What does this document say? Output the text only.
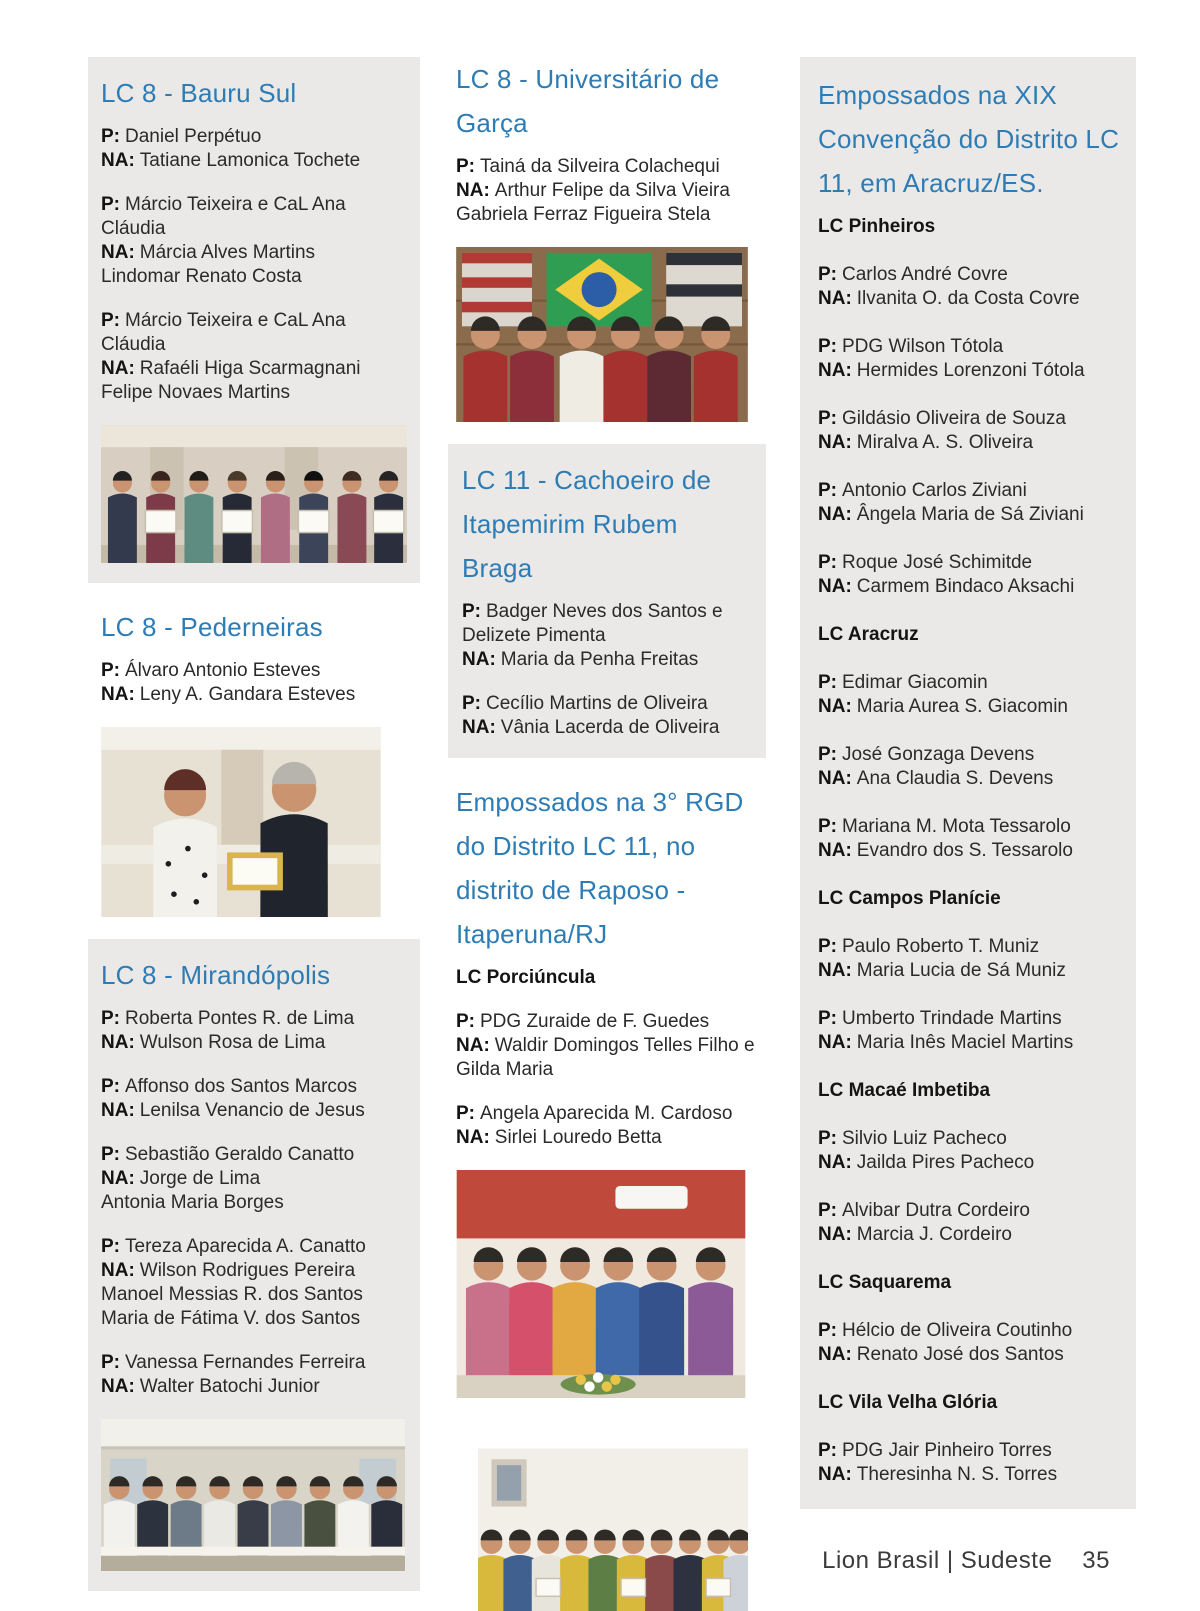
LC 8 - Bauru Sul
P: Daniel Perpétuo
NA: Tatiane Lamonica Tochete
P: Márcio Teixeira e CaL Ana Cláudia
NA: Márcia Alves Martins
Lindomar Renato Costa
P: Márcio Teixeira e CaL Ana Cláudia
NA: Rafaéli Higa Scarmagnani
Felipe Novaes Martins
LC 8 - Pederneiras
P: Álvaro Antonio Esteves
NA: Leny A. Gandara Esteves
LC 8 - Mirandópolis
P: Roberta Pontes R. de Lima
NA: Wulson Rosa de Lima
P: Affonso dos Santos Marcos
NA: Lenilsa Venancio de Jesus
P: Sebastião Geraldo Canatto
NA: Jorge de Lima
Antonia Maria Borges
P: Tereza Aparecida A. Canatto
NA: Wilson Rodrigues Pereira
Manoel Messias R. dos Santos
Maria de Fátima V. dos Santos
P: Vanessa Fernandes Ferreira
NA: Walter Batochi Junior
LC 8 - Universitário de Garça
P: Tainá da Silveira Colachequi
NA: Arthur Felipe da Silva Vieira
Gabriela Ferraz Figueira Stela
LC 11 - Cachoeiro de Itapemirim Rubem Braga
P: Badger Neves dos Santos e Delizete Pimenta
NA: Maria da Penha Freitas
P: Cecílio Martins de Oliveira
NA: Vânia Lacerda de Oliveira
Empossados na 3° RGD do Distrito LC 11, no distrito de Raposo - Itaperuna/RJ
LC Porciúncula
P: PDG Zuraide de F. Guedes
NA: Waldir Domingos Telles Filho e Gilda Maria
P: Angela Aparecida M. Cardoso
NA: Sirlei Louredo Betta
Empossados na XIX Convenção do Distrito LC 11, em Aracruz/ES.
LC Pinheiros
P: Carlos André Covre
NA: Ilvanita O. da Costa Covre
P: PDG Wilson Tótola
NA: Hermides Lorenzoni Tótola
P: Gildásio Oliveira de Souza
NA: Miralva A. S. Oliveira
P: Antonio Carlos Ziviani
NA: Ângela Maria de Sá Ziviani
P: Roque José Schimitde
NA: Carmem Bindaco Aksachi
LC Aracruz
P: Edimar Giacomin
NA: Maria Aurea S. Giacomin
P: José Gonzaga Devens
NA: Ana Claudia S. Devens
P: Mariana M. Mota Tessarolo
NA: Evandro dos S. Tessarolo
LC Campos Planície
P: Paulo Roberto T. Muniz
NA: Maria Lucia de Sá Muniz
P: Umberto Trindade Martins
NA: Maria Inês Maciel Martins
LC Macaé Imbetiba
P: Silvio Luiz Pacheco
NA: Jailda Pires Pacheco
P: Alvibar Dutra Cordeiro
NA: Marcia J. Cordeiro
LC Saquarema
P: Hélcio de Oliveira Coutinho
NA: Renato José dos Santos
LC Vila Velha Glória
P: PDG Jair Pinheiro Torres
NA: Theresinha N. S. Torres
Lion Brasil | Sudeste 35
